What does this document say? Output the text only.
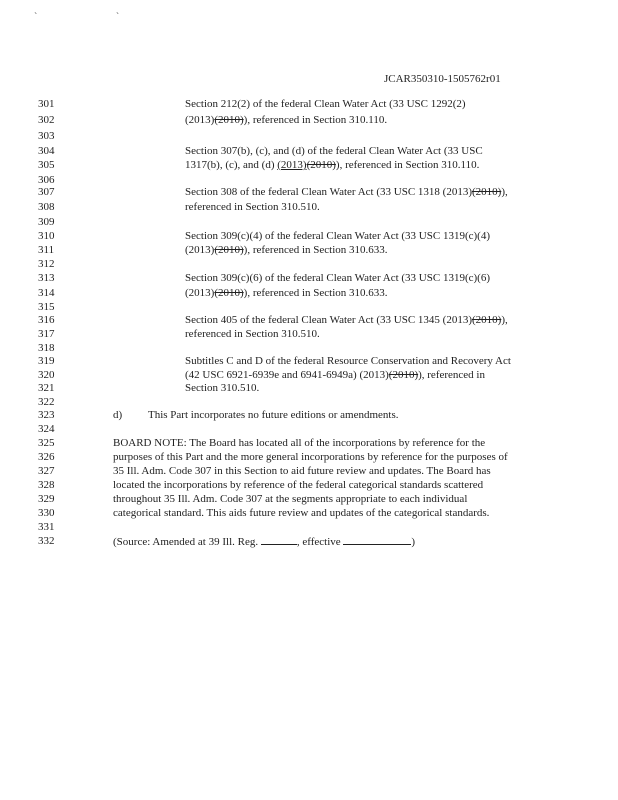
` `
JCAR350310-1505762r01
301
302
303
304
305
306
307
308
309
310
311
312
313
314
315
316
317
318
319
320
321
322
323
324
325
326
327
328
329
330
331
332
Section 212(2) of the federal Clean Water Act (33 USC 1292(2)
(2013)(2010)), referenced in Section 310.110.
Section 307(b), (c), and (d) of the federal Clean Water Act (33 USC
1317(b), (c), and (d) (2013)(2010)), referenced in Section 310.110.
Section 308 of the federal Clean Water Act (33 USC 1318 (2013)(2010)),
referenced in Section 310.510.
Section 309(c)(4) of the federal Clean Water Act (33 USC 1319(c)(4)
(2013)(2010)), referenced in Section 310.633.
Section 309(c)(6) of the federal Clean Water Act (33 USC 1319(c)(6)
(2013)(2010)), referenced in Section 310.633.
Section 405 of the federal Clean Water Act (33 USC 1345 (2013)(2010)),
referenced in Section 310.510.
Subtitles C and D of the federal Resource Conservation and Recovery Act
(42 USC 6921-6939e and 6941-6949a) (2013)(2010)), referenced in
Section 310.510.
d) This Part incorporates no future editions or amendments.
BOARD NOTE: The Board has located all of the incorporations by reference for the
purposes of this Part and the more general incorporations by reference for the purposes of
35 Ill. Adm. Code 307 in this Section to aid future review and updates. The Board has
located the incorporations by reference of the federal categorical standards scattered
throughout 35 Ill. Adm. Code 307 at the segments appropriate to each individual
categorical standard. This aids future review and updates of the categorical standards.
(Source: Amended at 39 Ill. Reg.	, effective	)
